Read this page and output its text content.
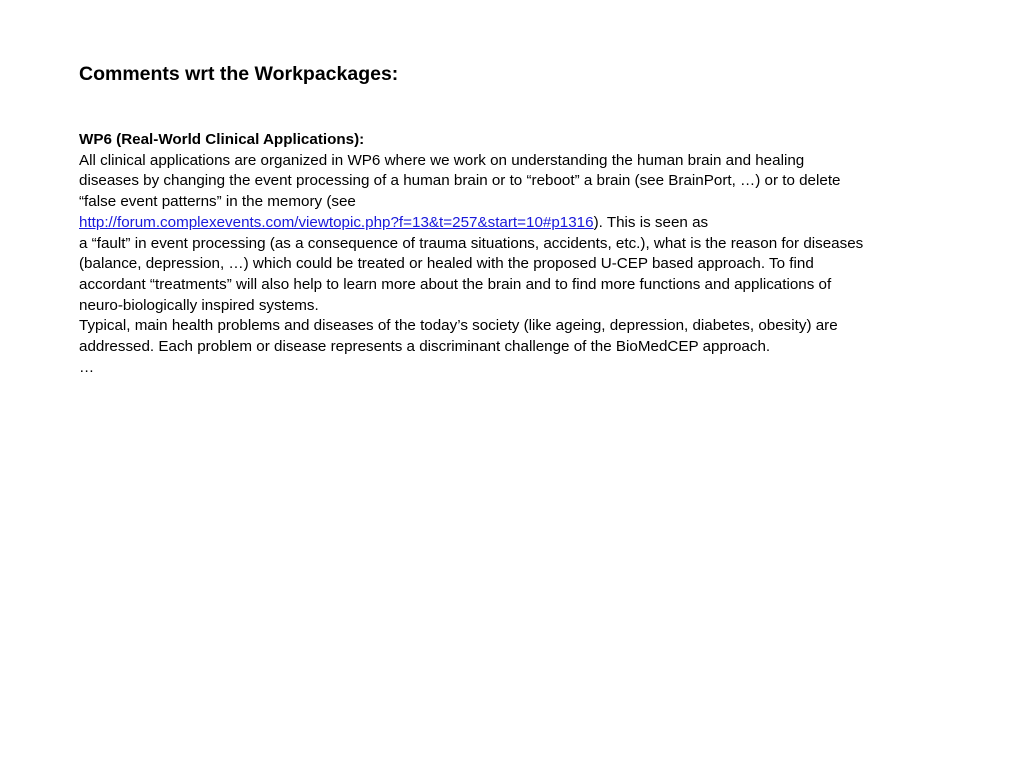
Comments wrt the Workpackages:
WP6 (Real-World Clinical Applications):
All clinical applications are organized in WP6 where we work on understanding the human brain and healing
diseases by changing the event processing of a human brain or to “reboot” a brain (see BrainPort, …) or to delete
“false event patterns” in the memory (see
http://forum.complexevents.com/viewtopic.php?f=13&t=257&start=10#p1316). This is seen as
a “fault” in event processing (as a consequence of trauma situations, accidents, etc.), what is the reason for diseases
(balance, depression, …) which could be treated or healed with the proposed U-CEP based approach. To find
accordant “treatments” will also help to learn more about the brain and to find more functions and applications of
neuro-biologically inspired systems.
Typical, main health problems and diseases of the today’s society (like ageing, depression, diabetes, obesity) are
addressed. Each problem or disease represents a discriminant challenge of the BioMedCEP approach.
…
